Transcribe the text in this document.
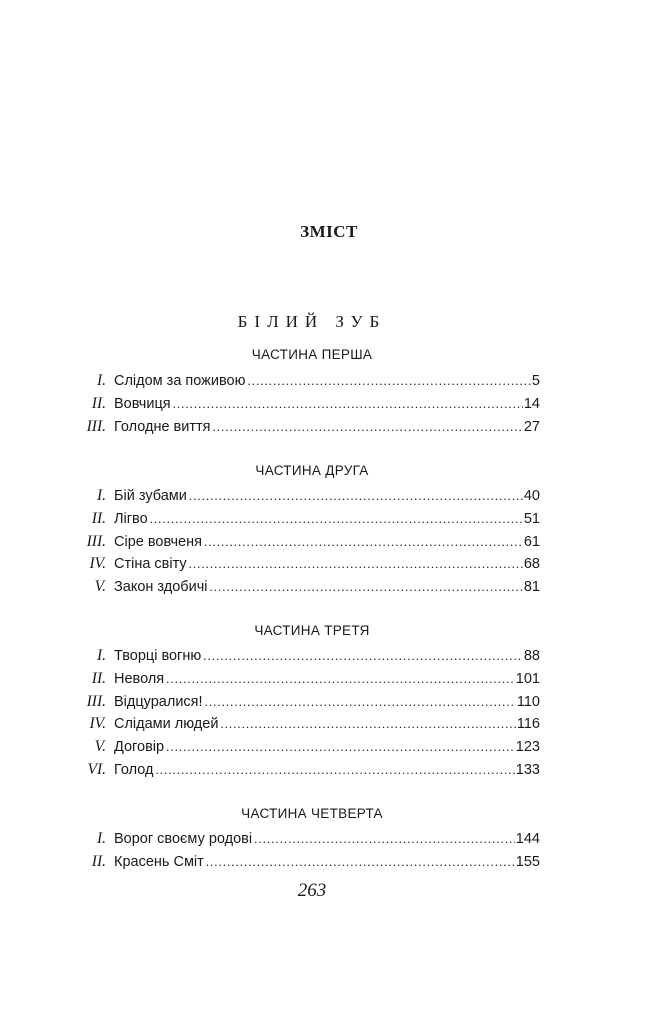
ЗМІСТ
БІЛИЙ ЗУБ
ЧАСТИНА ПЕРША
I. Слідом за поживою .....	5
II. Вовчиця .....	14
III. Голодне виття .....	27
ЧАСТИНА ДРУГА
I. Бій зубами .....	40
II. Лігво .....	51
III. Сіре вовченя .....	61
IV. Стіна світу .....	68
V. Закон здобичі .....	81
ЧАСТИНА ТРЕТЯ
I. Творці вогню .....	88
II. Неволя .....	101
III. Відцуралися! .....	110
IV. Слідами людей .....	116
V. Договір .....	123
VI. Голод .....	133
ЧАСТИНА ЧЕТВЕРТА
I. Ворог своєму родові .....	144
II. Красень Сміт .....	155
263
